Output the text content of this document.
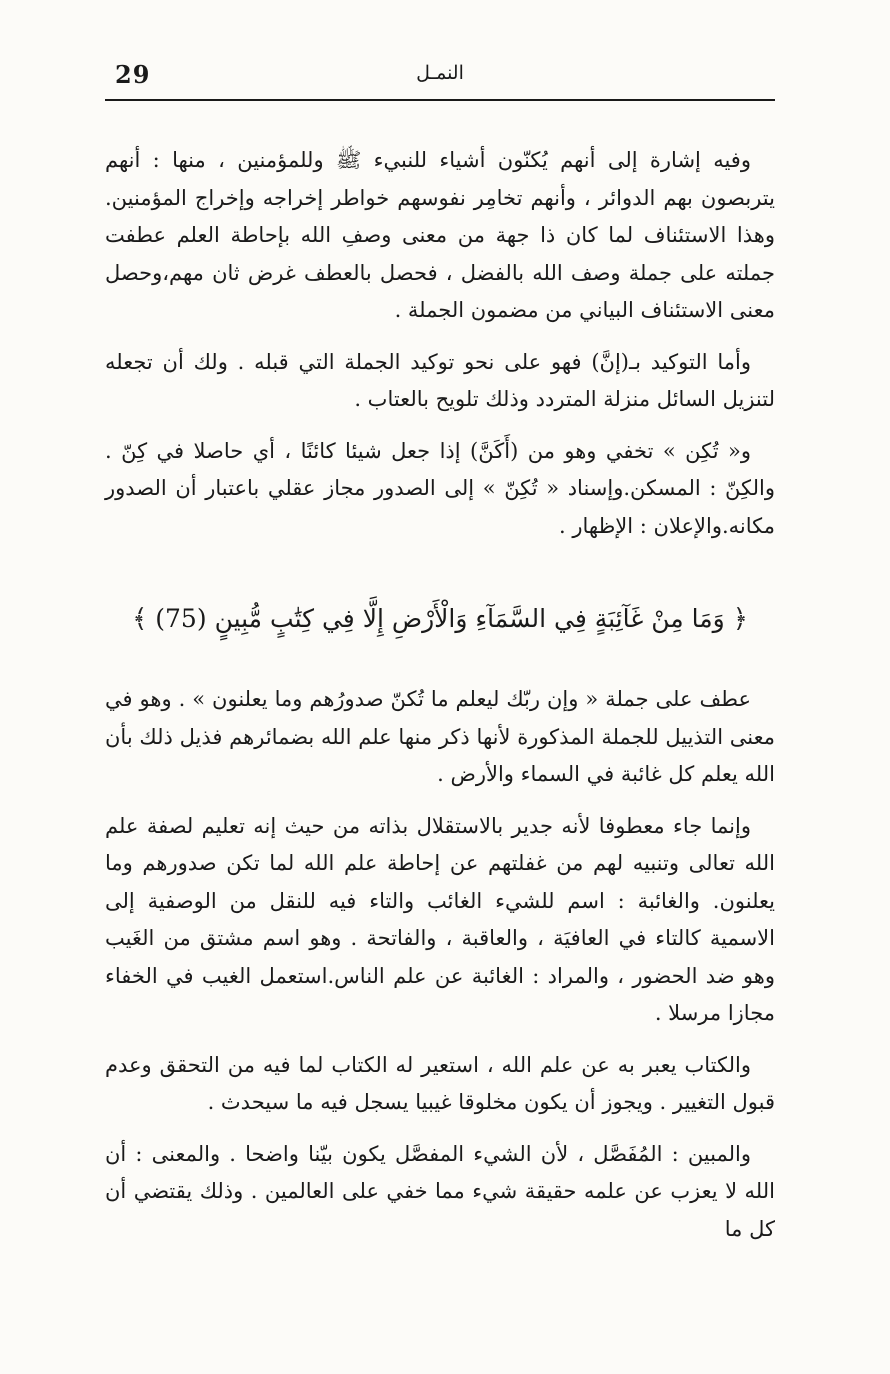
29	النمـل

وفيه إشارة إلى أنهم يُكنّون أشياء للنبيء ﷺ وللمؤمنين ، منها : أنهم يتربصون بهم الدوائر ، وأنهم تخامِر نفوسهم خواطر إخراجه وإخراج المؤمنين. وهذا الاستئناف لما كان ذا جهة من معنى وصفِ الله بإحاطة العلم عطفت جملته على جملة وصف الله بالفضل ، فحصل بالعطف غرض ثان مهم،وحصل معنى الاستئناف البياني من مضمون الجملة .

وأما التوكيد بـ(إنَّ) فهو على نحو توكيد الجملة التي قبله . ولك أن تجعله لتنزيل السائل منزلة المتردد وذلك تلويح بالعتاب .

و« تُكِن » تخفي وهو من (أَكَنَّ) إذا جعل شيئا كائنًا ، أي حاصلا في كِنّ . والكِنّ : المسكن.وإسناد « تُكِنّ » إلى الصدور مجاز عقلي باعتبار أن الصدور مكانه.والإعلان : الإظهار .

﴿ وَمَا مِنْ غَآئِبَةٍ فِي السَّمَآءِ وَالْأَرْضِ إِلَّا فِي كِتَٰبٍ مُّبِينٍ (75) ﴾

عطف على جملة « وإن ربّك ليعلم ما تُكنّ صدورُهم وما يعلنون » . وهو في معنى التذييل للجملة المذكورة لأنها ذكر منها علم الله بضمائرهم فذيل ذلك بأن الله يعلم كل غائبة في السماء والأرض .

وإنما جاء معطوفا لأنه جدير بالاستقلال بذاته من حيث إنه تعليم لصفة علم الله تعالى وتنبيه لهم من غفلتهم عن إحاطة علم الله لما تكن صدورهم وما يعلنون. والغائبة : اسم للشيء الغائب والتاء فيه للنقل من الوصفية إلى الاسمية كالتاء في العافيَة ، والعاقبة ، والفاتحة . وهو اسم مشتق من الغَيب وهو ضد الحضور ، والمراد : الغائبة عن علم الناس.استعمل الغيب في الخفاء مجازا مرسلا .

والكتاب يعبر به عن علم الله ، استعير له الكتاب لما فيه من التحقق وعدم قبول التغيير . ويجوز أن يكون مخلوقا غيبيا يسجل فيه ما سيحدث .

والمبين : المُفَصَّل ، لأن الشيء المفصَّل يكون بيّنا واضحا . والمعنى : أن الله لا يعزب عن علمه حقيقة شيء مما خفي على العالمين . وذلك يقتضي أن كل ما
